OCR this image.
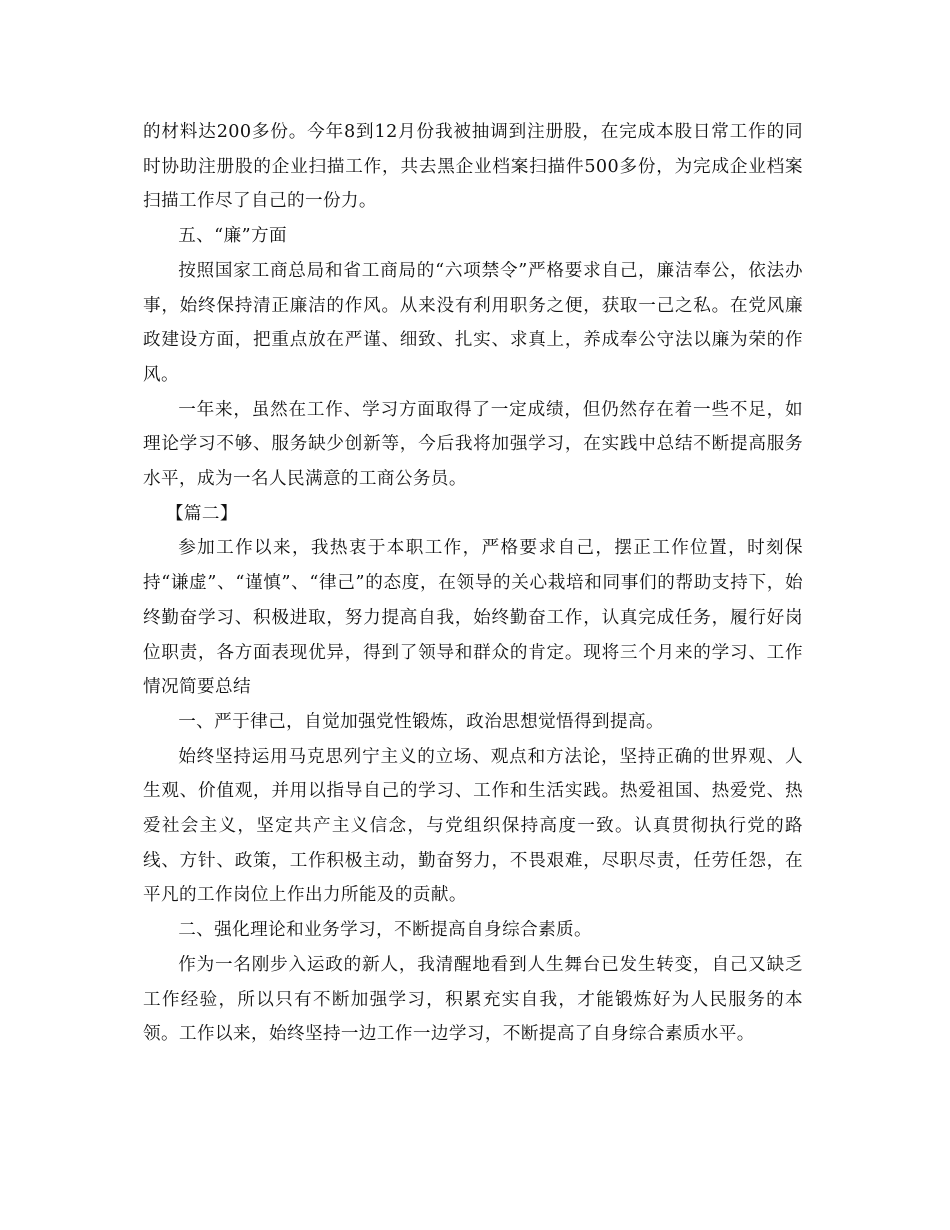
的材料达200多份。今年8到12月份我被抽调到注册股，在完成本股日常工作的同时协助注册股的企业扫描工作，共去黑企业档案扫描件500多份，为完成企业档案扫描工作尽了自己的一份力。

五、“廉”方面

按照国家工商总局和省工商局的“六项禁令”严格要求自己，廉洁奉公，依法办事，始终保持清正廉洁的作风。从来没有利用职务之便，获取一己之私。在党风廉政建设方面，把重点放在严谨、细致、扎实、求真上，养成奉公守法以廉为荣的作风。

一年来，虽然在工作、学习方面取得了一定成绩，但仍然存在着一些不足，如理论学习不够、服务缺少创新等，今后我将加强学习，在实践中总结不断提高服务水平，成为一名人民满意的工商公务员。

【篇二】

参加工作以来，我热衷于本职工作，严格要求自己，摆正工作位置，时刻保持“谦虚”、“谨慎”、“律己”的态度，在领导的关心栽培和同事们的帮助支持下，始终勤奋学习、积极进取，努力提高自我，始终勤奋工作，认真完成任务，履行好岗位职责，各方面表现优异，得到了领导和群众的肯定。现将三个月来的学习、工作情况简要总结

一、严于律己，自觉加强党性锻炼，政治思想觉悟得到提高。

始终坚持运用马克思列宁主义的立场、观点和方法论，坚持正确的世界观、人生观、价值观，并用以指导自己的学习、工作和生活实践。热爱祖国、热爱党、热爱社会主义，坚定共产主义信念，与党组织保持高度一致。认真贯彻执行党的路线、方针、政策，工作积极主动，勤奋努力，不畏艰难，尽职尽责，任劳任怨，在平凡的工作岗位上作出力所能及的贡献。

二、强化理论和业务学习，不断提高自身综合素质。

作为一名刚步入运政的新人，我清醒地看到人生舞台已发生转变，自己又缺乏工作经验，所以只有不断加强学习，积累充实自我，才能锻炼好为人民服务的本领。工作以来，始终坚持一边工作一边学习，不断提高了自身综合素质水平。
